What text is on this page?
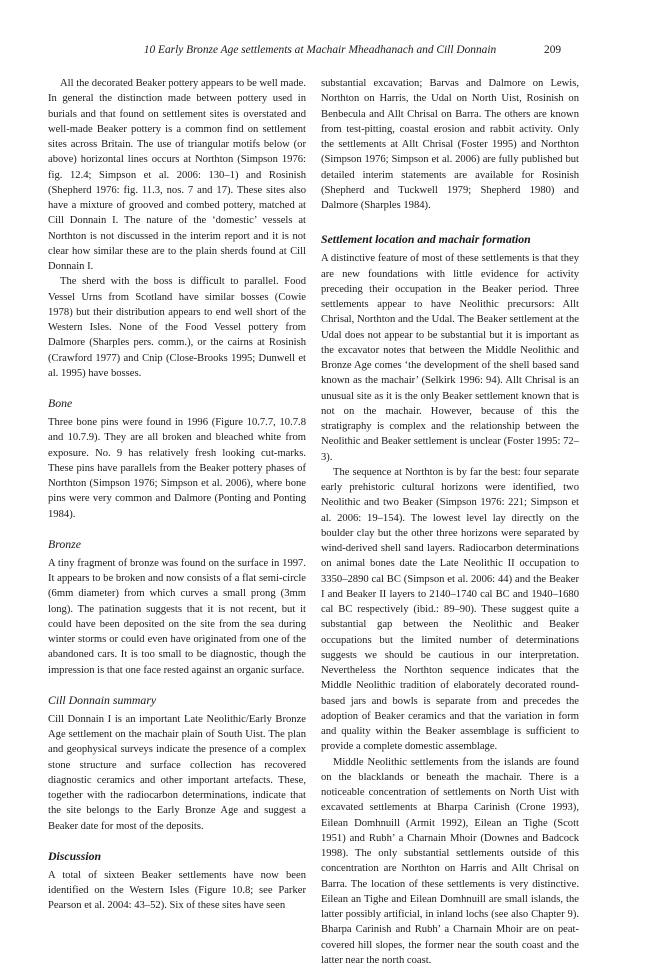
10 Early Bronze Age settlements at Machair Mheadhanach and Cill Donnain	209

All the decorated Beaker pottery appears to be well made. In general the distinction made between pottery used in burials and that found on settlement sites is overstated and well-made Beaker pottery is a common find on settlement sites across Britain. The use of triangular motifs below (or above) horizontal lines occurs at Northton (Simpson 1976: fig. 12.4; Simpson et al. 2006: 130–1) and Rosinish (Shepherd 1976: fig. 11.3, nos. 7 and 17). These sites also have a mixture of grooved and combed pottery, matched at Cill Donnain I. The nature of the ‘domestic’ vessels at Northton is not discussed in the interim report and it is not clear how similar these are to the plain sherds found at Cill Donnain I.

The sherd with the boss is difficult to parallel. Food Vessel Urns from Scotland have similar bosses (Cowie 1978) but their distribution appears to end well short of the Western Isles. None of the Food Vessel pottery from Dalmore (Sharples pers. comm.), or the cairns at Rosinish (Crawford 1977) and Cnip (Close-Brooks 1995; Dunwell et al. 1995) have bosses.

Bone

Three bone pins were found in 1996 (Figure 10.7.7, 10.7.8 and 10.7.9). They are all broken and bleached white from exposure. No. 9 has relatively fresh looking cut-marks. These pins have parallels from the Beaker pottery phases of Northton (Simpson 1976; Simpson et al. 2006), where bone pins were very common and Dalmore (Ponting and Ponting 1984).

Bronze

A tiny fragment of bronze was found on the surface in 1997. It appears to be broken and now consists of a flat semi-circle (6mm diameter) from which curves a small prong (3mm long). The patination suggests that it is not recent, but it could have been deposited on the site from the sea during winter storms or could even have originated from one of the abandoned cars. It is too small to be diagnostic, though the impression is that one face rested against an organic surface.

Cill Donnain summary

Cill Donnain I is an important Late Neolithic/Early Bronze Age settlement on the machair plain of South Uist. The plan and geophysical surveys indicate the presence of a complex stone structure and surface collection has recovered diagnostic ceramics and other important artefacts. These, together with the radiocarbon determinations, indicate that the site belongs to the Early Bronze Age and suggest a Beaker date for most of the deposits.

Discussion

A total of sixteen Beaker settlements have now been identified on the Western Isles (Figure 10.8; see Parker Pearson et al. 2004: 43–52). Six of these sites have seen

substantial excavation; Barvas and Dalmore on Lewis, Northton on Harris, the Udal on North Uist, Rosinish on Benbecula and Allt Chrisal on Barra. The others are known from test-pitting, coastal erosion and rabbit activity. Only the settlements at Allt Chrisal (Foster 1995) and Northton (Simpson 1976; Simpson et al. 2006) are fully published but detailed interim statements are available for Rosinish (Shepherd and Tuckwell 1979; Shepherd 1980) and Dalmore (Sharples 1984).

Settlement location and machair formation

A distinctive feature of most of these settlements is that they are new foundations with little evidence for activity preceding their occupation in the Beaker period. Three settlements appear to have Neolithic precursors: Allt Chrisal, Northton and the Udal. The Beaker settlement at the Udal does not appear to be substantial but it is important as the excavator notes that between the Middle Neolithic and Bronze Age comes ‘the development of the shell based sand known as the machair’ (Selkirk 1996: 94). Allt Chrisal is an unusual site as it is the only Beaker settlement known that is not on the machair. However, because of this the stratigraphy is complex and the relationship between the Neolithic and Beaker settlement is unclear (Foster 1995: 72–3).

The sequence at Northton is by far the best: four separate early prehistoric cultural horizons were identified, two Neolithic and two Beaker (Simpson 1976: 221; Simpson et al. 2006: 19–154). The lowest level lay directly on the boulder clay but the other three horizons were separated by wind-derived shell sand layers. Radiocarbon determinations on animal bones date the Late Neolithic II occupation to 3350–2890 cal BC (Simpson et al. 2006: 44) and the Beaker I and Beaker II layers to 2140–1740 cal BC and 1940–1680 cal BC respectively (ibid.: 89–90). These suggest quite a substantial gap between the Neolithic and Beaker occupations but the limited number of determinations suggests we should be cautious in our interpretation. Nevertheless the Northton sequence indicates that the Middle Neolithic tradition of elaborately decorated round-based jars and bowls is separate from and precedes the adoption of Beaker ceramics and that the variation in form and quality within the Beaker assemblage is sufficient to provide a complete domestic assemblage.

Middle Neolithic settlements from the islands are found on the blacklands or beneath the machair. There is a noticeable concentration of settlements on North Uist with excavated settlements at Bharpa Carinish (Crone 1993), Eilean Domhnuill (Armit 1992), Eilean an Tighe (Scott 1951) and Rubh’ a Charnain Mhoir (Downes and Badcock 1998). The only substantial settlements outside of this concentration are Northton on Harris and Allt Chrisal on Barra. The location of these settlements is very distinctive. Eilean an Tighe and Eilean Domhnuill are small islands, the latter possibly artificial, in inland lochs (see also Chapter 9). Bharpa Carinish and Rubh’ a Charnain Mhoir are on peat-covered hill slopes, the former near the south coast and the latter near the north coast.
